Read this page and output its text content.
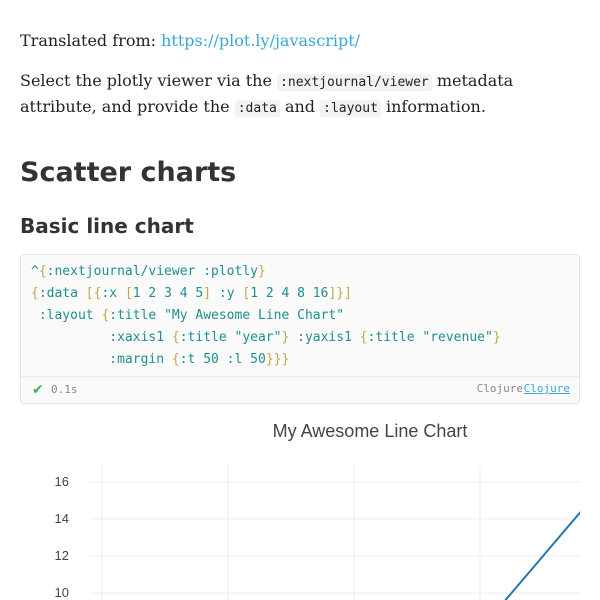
Translated from: https://plot.ly/javascript/

Select the plotly viewer via the :nextjournal/viewer metadata attribute, and provide the :data and :layout information.

Scatter charts
Basic line chart
^{:nextjournal/viewer :plotly}
{:data [{:x [1 2 3 4 5] :y [1 2 4 8 16]}]
:layout {:title "My Awesome Line Chart"
:xaxis1 {:title "year"} :yaxis1 {:title "revenue"}
:margin {:t 50 :l 50}}}
✔ 0.1s	Clojure Clojure
My Awesome Line Chart
10
12
14
16
